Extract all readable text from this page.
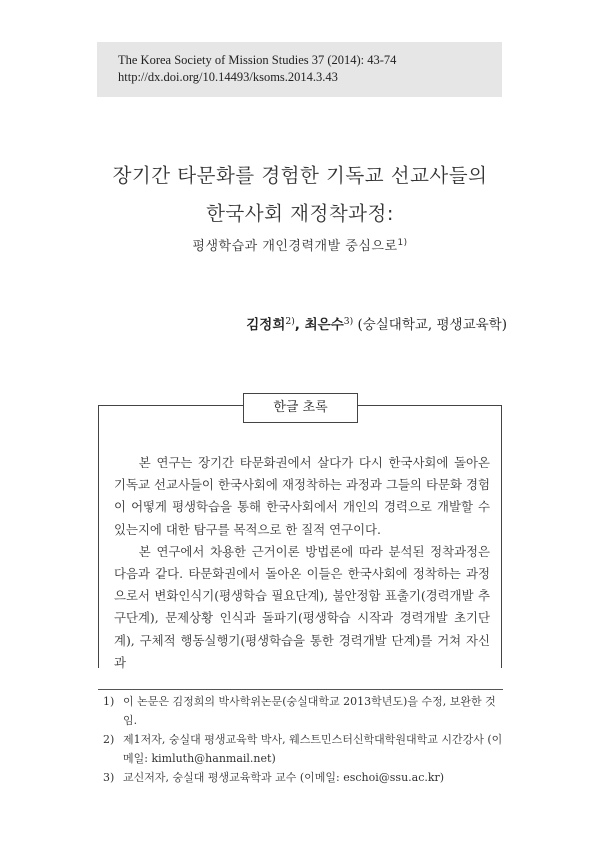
The Korea Society of Mission Studies 37 (2014): 43-74
http://dx.doi.org/10.14493/ksoms.2014.3.43
장기간 타문화를 경험한 기독교 선교사들의
한국사회 재정착과정:
평생학습과 개인경력개발 중심으로$^{1)}$
김정희$^{2)}$, 최은수$^{3)}$ (숭실대학교, 평생교육학)
한글 초록

본 연구는 장기간 타문화권에서 살다가 다시 한국사회에 돌아온 기독교 선교사들이 한국사회에 재정착하는 과정과 그들의 타문화 경험이 어떻게 평생학습을 통해 한국사회에서 개인의 경력으로 개발할 수 있는지에 대한 탐구를 목적으로 한 질적 연구이다.

본 연구에서 차용한 근거이론 방법론에 따라 분석된 정착과정은 다음과 같다. 타문화권에서 돌아온 이들은 한국사회에 정착하는 과정으로서 변화인식기(평생학습 필요단계), 불안정함 표출기(경력개발 추구단계), 문제상황 인식과 돌파기(평생학습 시작과 경력개발 초기단계), 구체적 행동실행기(평생학습을 통한 경력개발 단계)를 거쳐 자신과

1) 이 논문은 김정희의 박사학위논문(숭실대학교 2013학년도)을 수정, 보완한 것임.
2) 제1저자, 숭실대 평생교육학 박사, 웨스트민스터신학대학원대학교 시간강사 (이메일: kimluth@hanmail.net)
3) 교신저자, 숭실대 평생교육학과 교수 (이메일: eschoi@ssu.ac.kr)
